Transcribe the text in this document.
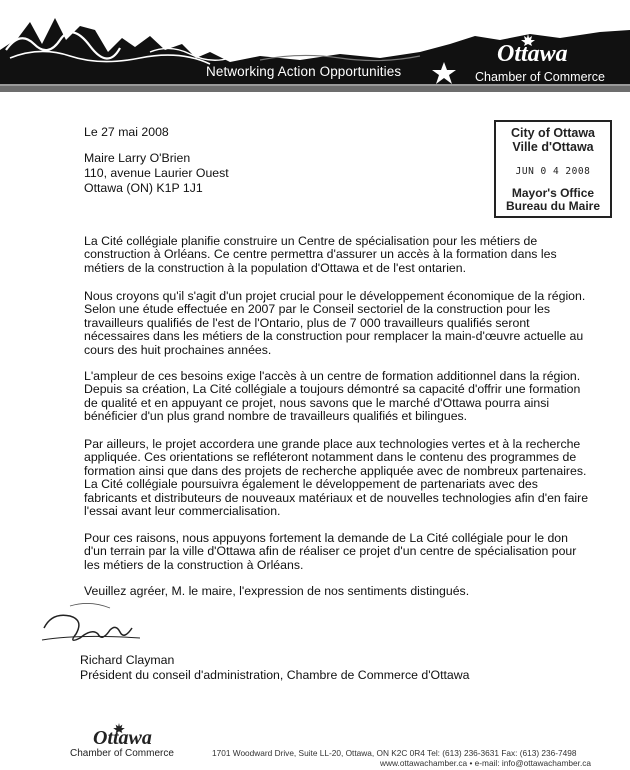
Networking Action Opportunities
Ottawa
Chamber of Commerce
Le 27 mai 2008
Maire Larry O'Brien
110, avenue Laurier Ouest
Ottawa (ON) K1P 1J1
City of Ottawa
Ville d'Ottawa
JUN 0 4 2008
Mayor's Office
Bureau du Maire

La Cité collégiale planifie construire un Centre de spécialisation pour les métiers de construction à Orléans. Ce centre permettra d'assurer un accès à la formation dans les métiers de la construction à la population d'Ottawa et de l'est ontarien.

Nous croyons qu'il s'agit d'un projet crucial pour le développement économique de la région. Selon une étude effectuée en 2007 par le Conseil sectoriel de la construction pour les travailleurs qualifiés de l'est de l'Ontario, plus de 7 000 travailleurs qualifiés seront nécessaires dans les métiers de la construction pour remplacer la main-d'œuvre actuelle au cours des huit prochaines années.

L'ampleur de ces besoins exige l'accès à un centre de formation additionnel dans la région. Depuis sa création, La Cité collégiale a toujours démontré sa capacité d'offrir une formation de qualité et en appuyant ce projet, nous savons que le marché d'Ottawa pourra ainsi bénéficier d'un plus grand nombre de travailleurs qualifiés et bilingues.

Par ailleurs, le projet accordera une grande place aux technologies vertes et à la recherche appliquée. Ces orientations se refléteront notamment dans le contenu des programmes de formation ainsi que dans des projets de recherche appliquée avec de nombreux partenaires. La Cité collégiale poursuivra également le développement de partenariats avec des fabricants et distributeurs de nouveaux matériaux et de nouvelles technologies afin d'en faire l'essai avant leur commercialisation.

Pour ces raisons, nous appuyons fortement la demande de La Cité collégiale pour le don d'un terrain par la ville d'Ottawa afin de réaliser ce projet d'un centre de spécialisation pour les métiers de la construction à Orléans.

Veuillez agréer, M. le maire, l'expression de nos sentiments distingués.
Richard Clayman
Président du conseil d'administration, Chambre de Commerce d'Ottawa
Ottawa
Chamber of Commerce	1701 Woodward Drive, Suite LL-20, Ottawa, ON K2C 0R4 Tel: (613) 236-3631 Fax: (613) 236-7498
www.ottawachamber.ca • e-mail: info@ottawachamber.ca
